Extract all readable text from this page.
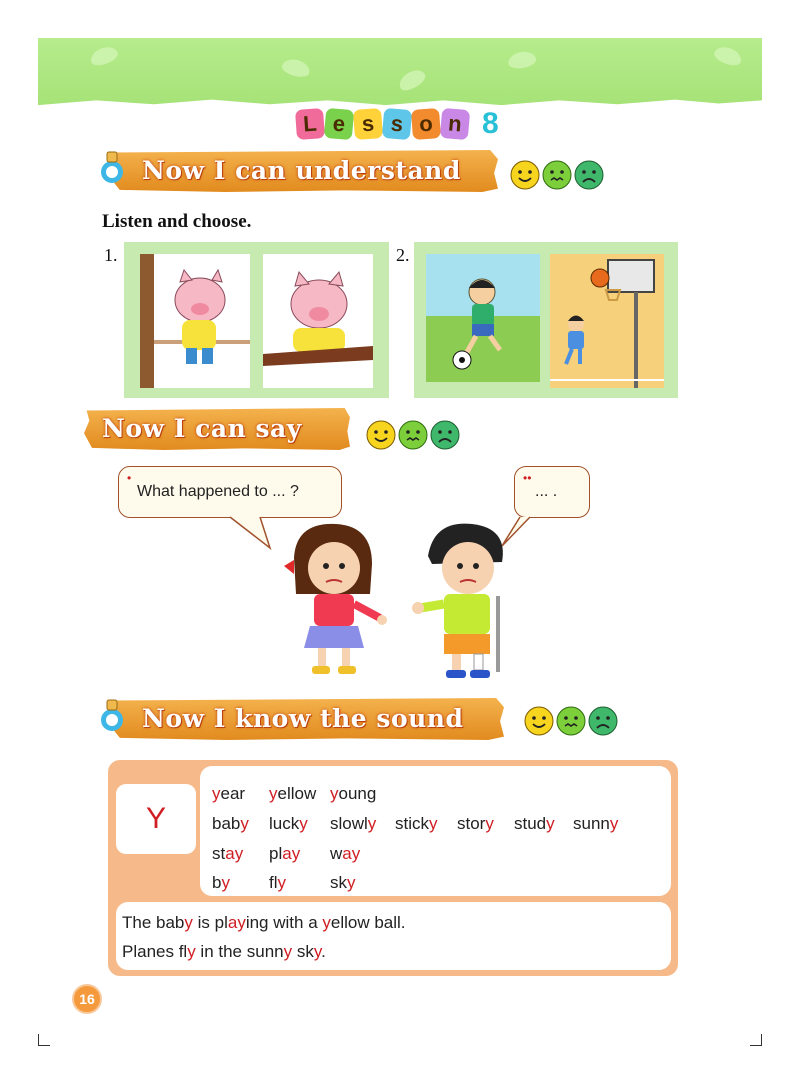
L e s s o n 8
Now I can understand
Listen and choose.
1.	2.
Now I can say
•
What happened to ... ?
••
... .
Now I know the sound
Y
year yellow young
baby lucky slowly sticky story study sunny
stay play way
by fly	sky
The baby is playing with a yellow ball.
Planes fly in the sunny sky.
16
